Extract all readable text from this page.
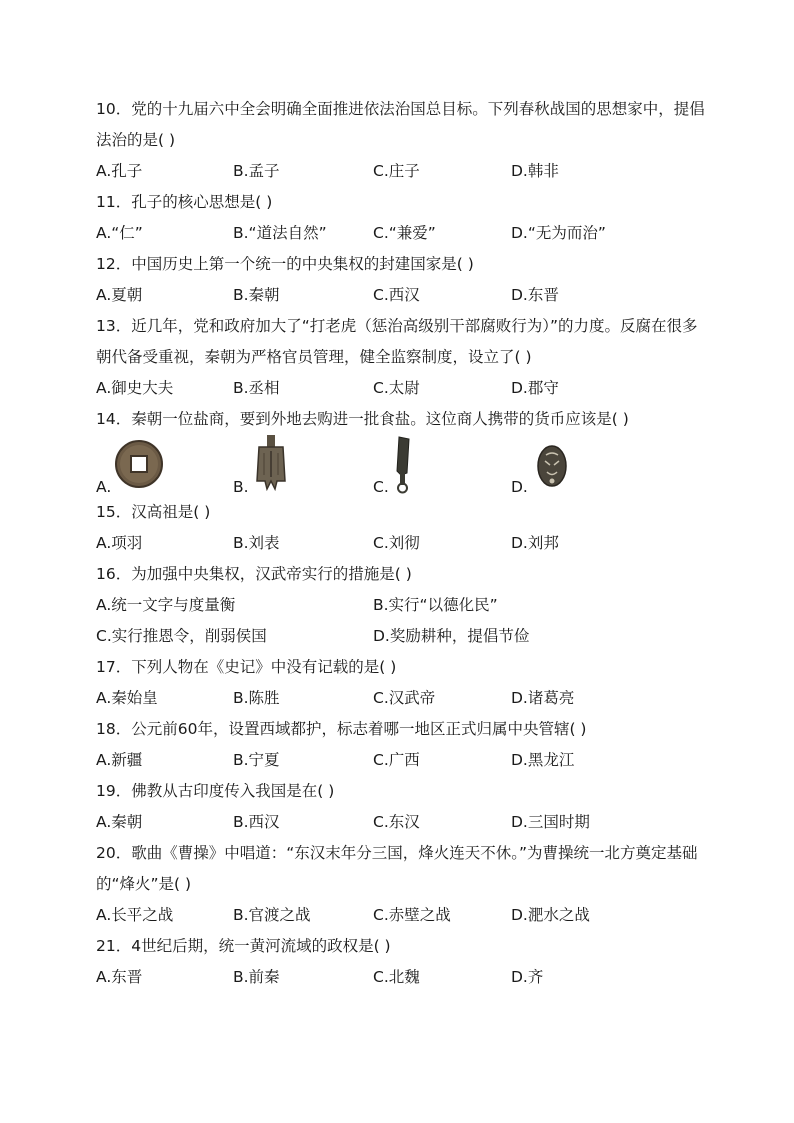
10．党的十九届六中全会明确全面推进依法治国总目标。下列春秋战国的思想家中，提倡法治的是( )
A.孔子	B.孟子	C.庄子	D.韩非
11．孔子的核心思想是( )
A.“仁”	B.“道法自然”	C.“兼爱”	D.“无为而治”
12．中国历史上第一个统一的中央集权的封建国家是( )
A.夏朝	B.秦朝	C.西汉	D.东晋
13．近几年，党和政府加大了“打老虎（惩治高级别干部腐败行为）”的力度。反腐在很多朝代备受重视，秦朝为严格官员管理，健全监察制度，设立了( )
A.御史大夫	B.丞相	C.太尉	D.郡守
14．秦朝一位盐商，要到外地去购进一批食盐。这位商人携带的货币应该是( )
A.	B.	C.	D.
15．汉高祖是( )
A.项羽	B.刘表	C.刘彻	D.刘邦
16．为加强中央集权，汉武帝实行的措施是( )
A.统一文字与度量衡	B.实行“以德化民”
C.实行推恩令，削弱侯国	D.奖励耕种，提倡节俭
17．下列人物在《史记》中没有记载的是( )
A.秦始皇	B.陈胜	C.汉武帝	D.诸葛亮
18．公元前60年，设置西域都护，标志着哪一地区正式归属中央管辖( )
A.新疆	B.宁夏	C.广西	D.黑龙江
19．佛教从古印度传入我国是在( )
A.秦朝	B.西汉	C.东汉	D.三国时期
20．歌曲《曹操》中唱道：“东汉末年分三国，烽火连天不休。”为曹操统一北方奠定基础的“烽火”是( )
A.长平之战	B.官渡之战	C.赤壁之战	D.淝水之战
21．4世纪后期，统一黄河流域的政权是( )
A.东晋	B.前秦	C.北魏	D.齐
